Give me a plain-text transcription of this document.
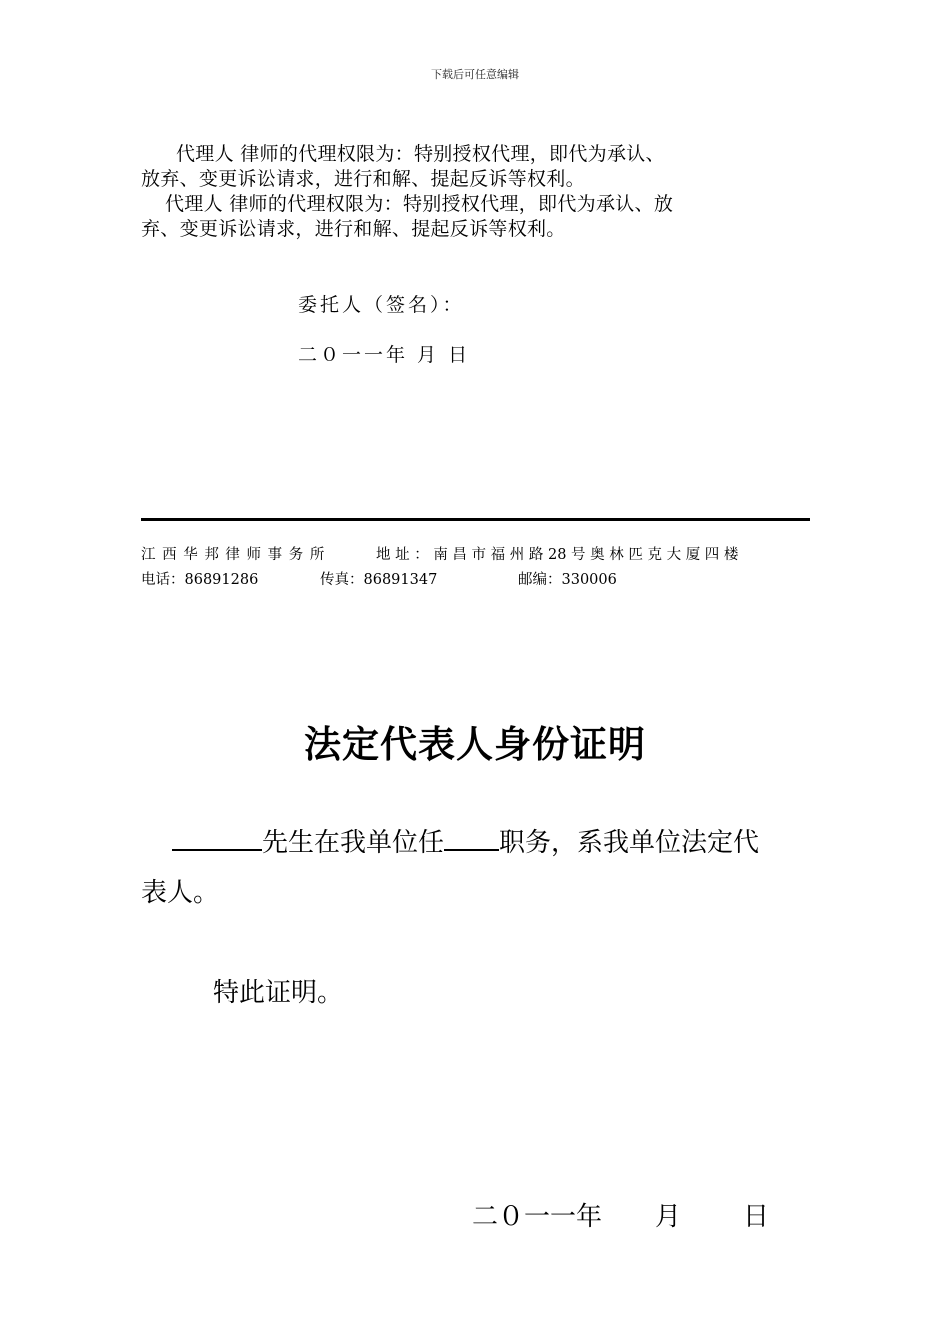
下载后可任意编辑
代理人 律师的代理权限为：特别授权代理，即代为承认、
放弃、变更诉讼请求，进行和解、提起反诉等权利。
代理人 律师的代理权限为：特别授权代理，即代为承认、放
弃、变更诉讼请求，进行和解、提起反诉等权利。
委托人（签名）：
二０一一年 月 日
江 西 华 邦 律 师 事 务 所	地 址 ： 南 昌 市 福 州 路 28 号 奥 林 匹 克 大 厦 四 楼
电话：86891286	传真：86891347	邮编：330006
法定代表人身份证明
先生在我单位任 职务，系我单位法定代
表人。
特此证明。
二０一一年 月 日
